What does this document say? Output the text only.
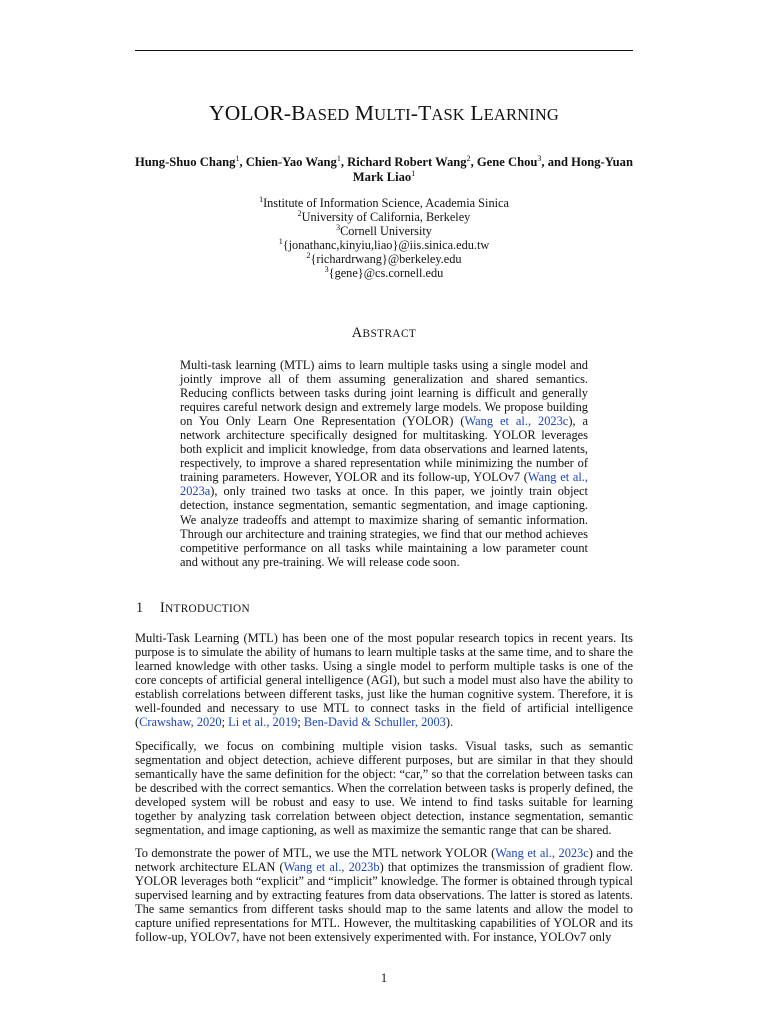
YOLOR-BASED MULTI-TASK LEARNING
Hung-Shuo Chang$^1$, Chien-Yao Wang$^1$, Richard Robert Wang$^2$, Gene Chou$^3$, and Hong-Yuan Mark Liao$^1$
$^1$Institute of Information Science, Academia Sinica
$^2$University of California, Berkeley
$^3$Cornell University
$^1${jonathanc,kinyiu,liao}@iis.sinica.edu.tw
$^2${richardrwang}@berkeley.edu
$^3${gene}@cs.cornell.edu
ABSTRACT
Multi-task learning (MTL) aims to learn multiple tasks using a single model and jointly improve all of them assuming generalization and shared semantics. Reducing conflicts between tasks during joint learning is difficult and generally requires careful network design and extremely large models. We propose building on You Only Learn One Representation (YOLOR) (Wang et al., 2023c), a network architecture specifically designed for multitasking. YOLOR leverages both explicit and implicit knowledge, from data observations and learned latents, respectively, to improve a shared representation while minimizing the number of training parameters. However, YOLOR and its follow-up, YOLOv7 (Wang et al., 2023a), only trained two tasks at once. In this paper, we jointly train object detection, instance segmentation, semantic segmentation, and image captioning. We analyze tradeoffs and attempt to maximize sharing of semantic information. Through our architecture and training strategies, we find that our method achieves competitive performance on all tasks while maintaining a low parameter count and without any pre-training. We will release code soon.
1 INTRODUCTION
Multi-Task Learning (MTL) has been one of the most popular research topics in recent years. Its purpose is to simulate the ability of humans to learn multiple tasks at the same time, and to share the learned knowledge with other tasks. Using a single model to perform multiple tasks is one of the core concepts of artificial general intelligence (AGI), but such a model must also have the ability to establish correlations between different tasks, just like the human cognitive system. Therefore, it is well-founded and necessary to use MTL to connect tasks in the field of artificial intelligence (Crawshaw, 2020; Li et al., 2019; Ben-David & Schuller, 2003).
Specifically, we focus on combining multiple vision tasks. Visual tasks, such as semantic segmentation and object detection, achieve different purposes, but are similar in that they should semantically have the same definition for the object: “car,” so that the correlation between tasks can be described with the correct semantics. When the correlation between tasks is properly defined, the developed system will be robust and easy to use. We intend to find tasks suitable for learning together by analyzing task correlation between object detection, instance segmentation, semantic segmentation, and image captioning, as well as maximize the semantic range that can be shared.
To demonstrate the power of MTL, we use the MTL network YOLOR (Wang et al., 2023c) and the network architecture ELAN (Wang et al., 2023b) that optimizes the transmission of gradient flow. YOLOR leverages both “explicit” and “implicit” knowledge. The former is obtained through typical supervised learning and by extracting features from data observations. The latter is stored as latents. The same semantics from different tasks should map to the same latents and allow the model to capture unified representations for MTL. However, the multitasking capabilities of YOLOR and its follow-up, YOLOv7, have not been extensively experimented with. For instance, YOLOv7 only
1
